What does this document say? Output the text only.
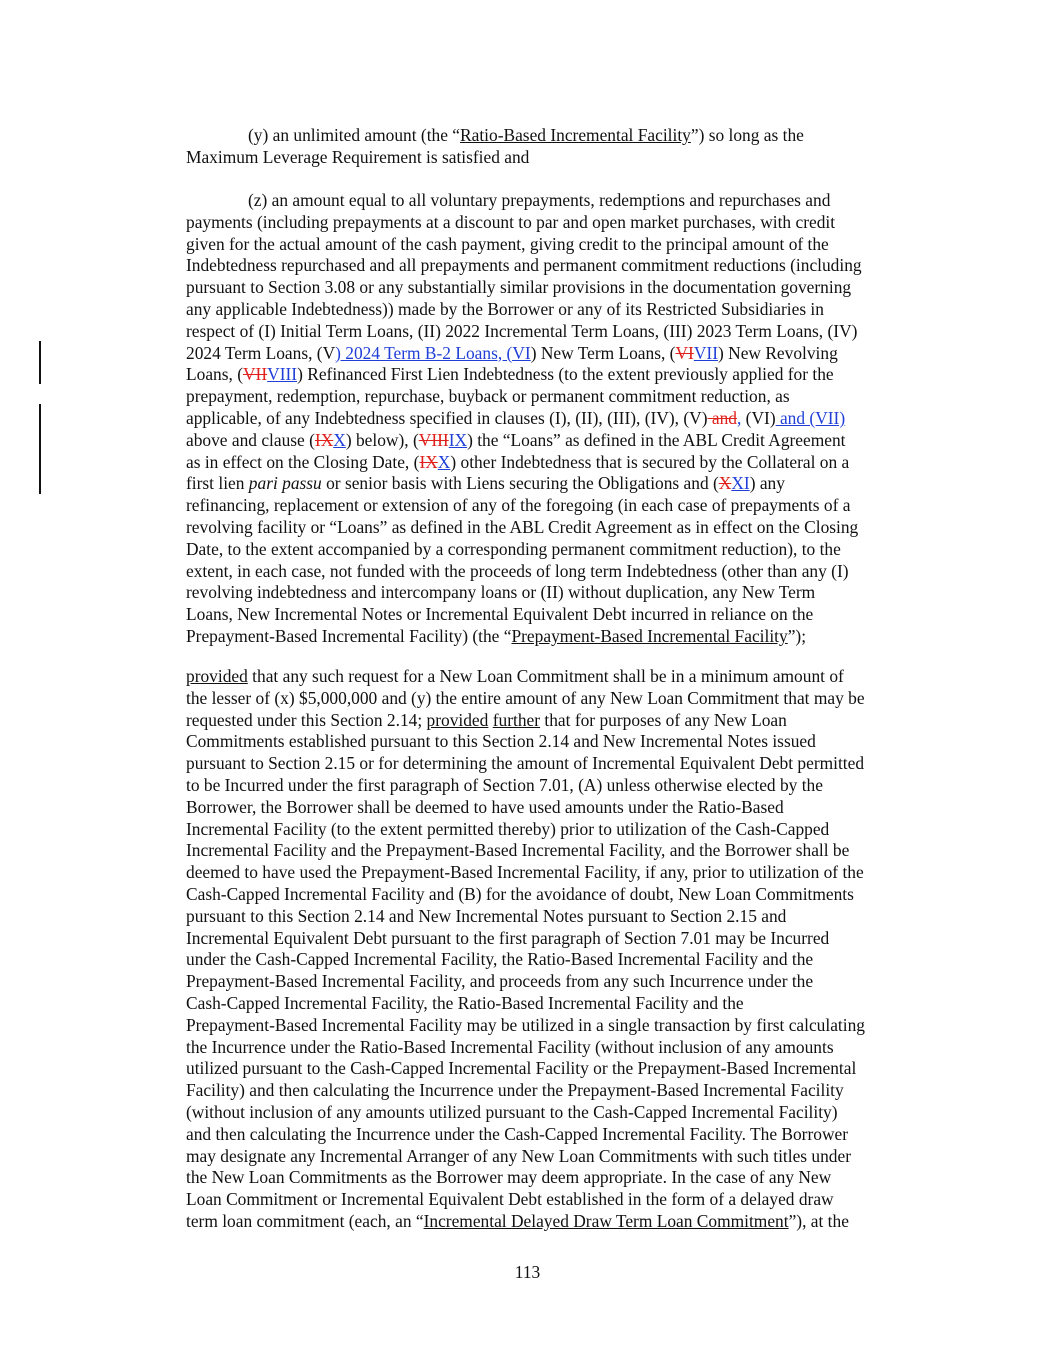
(y) an unlimited amount (the “Ratio-Based Incremental Facility”) so long as the
Maximum Leverage Requirement is satisfied and
(z) an amount equal to all voluntary prepayments, redemptions and repurchases and
payments (including prepayments at a discount to par and open market purchases, with credit
given for the actual amount of the cash payment, giving credit to the principal amount of the
Indebtedness repurchased and all prepayments and permanent commitment reductions (including
pursuant to Section 3.08 or any substantially similar provisions in the documentation governing
any applicable Indebtedness)) made by the Borrower or any of its Restricted Subsidiaries in
respect of (I) Initial Term Loans, (II) 2022 Incremental Term Loans, (III) 2023 Term Loans, (IV)
2024 Term Loans, (V) 2024 Term B-2 Loans, (VI) New Term Loans, (VIVII) New Revolving
Loans, (VIIVIII) Refinanced First Lien Indebtedness (to the extent previously applied for the
prepayment, redemption, repurchase, buyback or permanent commitment reduction, as
applicable, of any Indebtedness specified in clauses (I), (II), (III), (IV), (V) and, (VI) and (VII)
above and clause (IXX) below), (VIIIIX) the “Loans” as defined in the ABL Credit Agreement
as in effect on the Closing Date, (IXX) other Indebtedness that is secured by the Collateral on a
first lien pari passu or senior basis with Liens securing the Obligations and (XXI) any
refinancing, replacement or extension of any of the foregoing (in each case of prepayments of a
revolving facility or “Loans” as defined in the ABL Credit Agreement as in effect on the Closing
Date, to the extent accompanied by a corresponding permanent commitment reduction), to the
extent, in each case, not funded with the proceeds of long term Indebtedness (other than any (I)
revolving indebtedness and intercompany loans or (II) without duplication, any New Term
Loans, New Incremental Notes or Incremental Equivalent Debt incurred in reliance on the
Prepayment-Based Incremental Facility) (the “Prepayment-Based Incremental Facility”);
provided that any such request for a New Loan Commitment shall be in a minimum amount of
the lesser of (x) $5,000,000 and (y) the entire amount of any New Loan Commitment that may be
requested under this Section 2.14; provided further that for purposes of any New Loan
Commitments established pursuant to this Section 2.14 and New Incremental Notes issued
pursuant to Section 2.15 or for determining the amount of Incremental Equivalent Debt permitted
to be Incurred under the first paragraph of Section 7.01, (A) unless otherwise elected by the
Borrower, the Borrower shall be deemed to have used amounts under the Ratio-Based
Incremental Facility (to the extent permitted thereby) prior to utilization of the Cash-Capped
Incremental Facility and the Prepayment-Based Incremental Facility, and the Borrower shall be
deemed to have used the Prepayment-Based Incremental Facility, if any, prior to utilization of the
Cash-Capped Incremental Facility and (B) for the avoidance of doubt, New Loan Commitments
pursuant to this Section 2.14 and New Incremental Notes pursuant to Section 2.15 and
Incremental Equivalent Debt pursuant to the first paragraph of Section 7.01 may be Incurred
under the Cash-Capped Incremental Facility, the Ratio-Based Incremental Facility and the
Prepayment-Based Incremental Facility, and proceeds from any such Incurrence under the
Cash-Capped Incremental Facility, the Ratio-Based Incremental Facility and the
Prepayment-Based Incremental Facility may be utilized in a single transaction by first calculating
the Incurrence under the Ratio-Based Incremental Facility (without inclusion of any amounts
utilized pursuant to the Cash-Capped Incremental Facility or the Prepayment-Based Incremental
Facility) and then calculating the Incurrence under the Prepayment-Based Incremental Facility
(without inclusion of any amounts utilized pursuant to the Cash-Capped Incremental Facility)
and then calculating the Incurrence under the Cash-Capped Incremental Facility. The Borrower
may designate any Incremental Arranger of any New Loan Commitments with such titles under
the New Loan Commitments as the Borrower may deem appropriate. In the case of any New
Loan Commitment or Incremental Equivalent Debt established in the form of a delayed draw
term loan commitment (each, an “Incremental Delayed Draw Term Loan Commitment”), at the
113
